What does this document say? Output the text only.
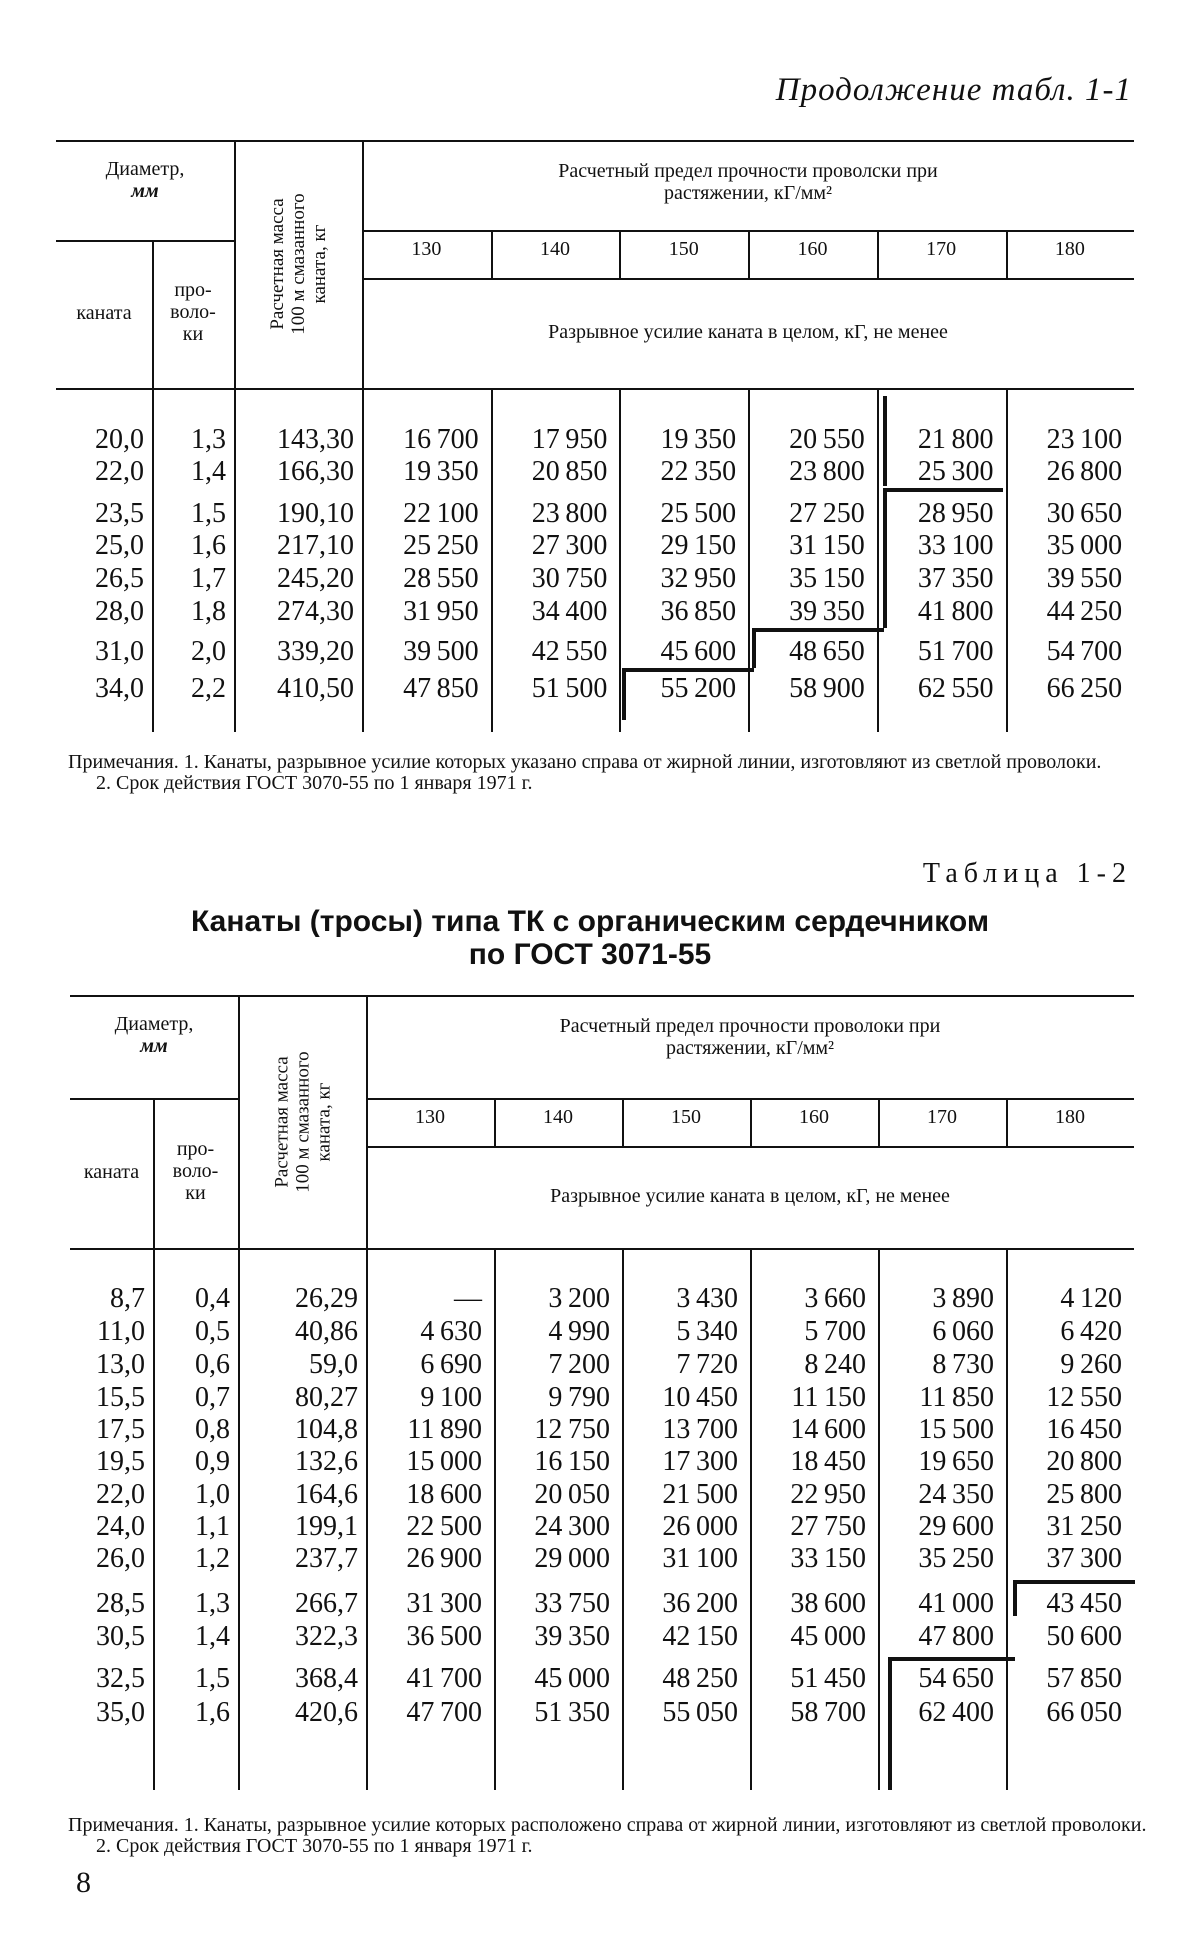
Продолжение табл. 1-1
Диаметр,
мм
каната
про-
воло-
ки
Расчетная масса
100 м смазанного
каната, кг
Расчетный предел прочности проволски при
растяжении, кГ/мм²
Разрывное усилие каната в целом, кГ, не менее
130	140	150	160	170	180
20,0	1,3	143,30	16 700	17 950	19 350	20 550	21 800	23 100
22,0	1,4	166,30	19 350	20 850	22 350	23 800	25 300	26 800
23,5	1,5	190,10	22 100	23 800	25 500	27 250	28 950	30 650
25,0	1,6	217,10	25 250	27 300	29 150	31 150	33 100	35 000
26,5	1,7	245,20	28 550	30 750	32 950	35 150	37 350	39 550
28,0	1,8	274,30	31 950	34 400	36 850	39 350	41 800	44 250
31,0	2,0	339,20	39 500	42 550	45 600	48 650	51 700	54 700
34,0	2,2	410,50	47 850	51 500	55 200	58 900	62 550	66 250

Примечания. 1. Канаты, разрывное усилие которых указано справа от жирной линии, изготовляют из светлой проволоки.

2. Срок действия ГОСТ 3070-55 по 1 января 1971 г.

Таблица 1-2
Канаты (тросы) типа ТК с органическим сердечником
по ГОСТ 3071-55
Диаметр,
мм
каната
про-
воло-
ки
Расчетная масса
100 м смазанного
каната, кг
Расчетный предел прочности проволоки при
растяжении, кГ/мм²
Разрывное усилие каната в целом, кГ, не менее
130	140	150	160	170	180
8,7	0,4	26,29	—	3 200	3 430	3 660	3 890	4 120
11,0	0,5	40,86	4 630	4 990	5 340	5 700	6 060	6 420
13,0	0,6	59,0	6 690	7 200	7 720	8 240	8 730	9 260
15,5	0,7	80,27	9 100	9 790	10 450	11 150	11 850	12 550
17,5	0,8	104,8	11 890	12 750	13 700	14 600	15 500	16 450
19,5	0,9	132,6	15 000	16 150	17 300	18 450	19 650	20 800
22,0	1,0	164,6	18 600	20 050	21 500	22 950	24 350	25 800
24,0	1,1	199,1	22 500	24 300	26 000	27 750	29 600	31 250
26,0	1,2	237,7	26 900	29 000	31 100	33 150	35 250	37 300
28,5	1,3	266,7	31 300	33 750	36 200	38 600	41 000	43 450
30,5	1,4	322,3	36 500	39 350	42 150	45 000	47 800	50 600
32,5	1,5	368,4	41 700	45 000	48 250	51 450	54 650	57 850
35,0	1,6	420,6	47 700	51 350	55 050	58 700	62 400	66 050

Примечания. 1. Канаты, разрывное усилие которых расположено справа от жирной линии, изготовляют из светлой проволоки.

2. Срок действия ГОСТ 3070-55 по 1 января 1971 г.

8
